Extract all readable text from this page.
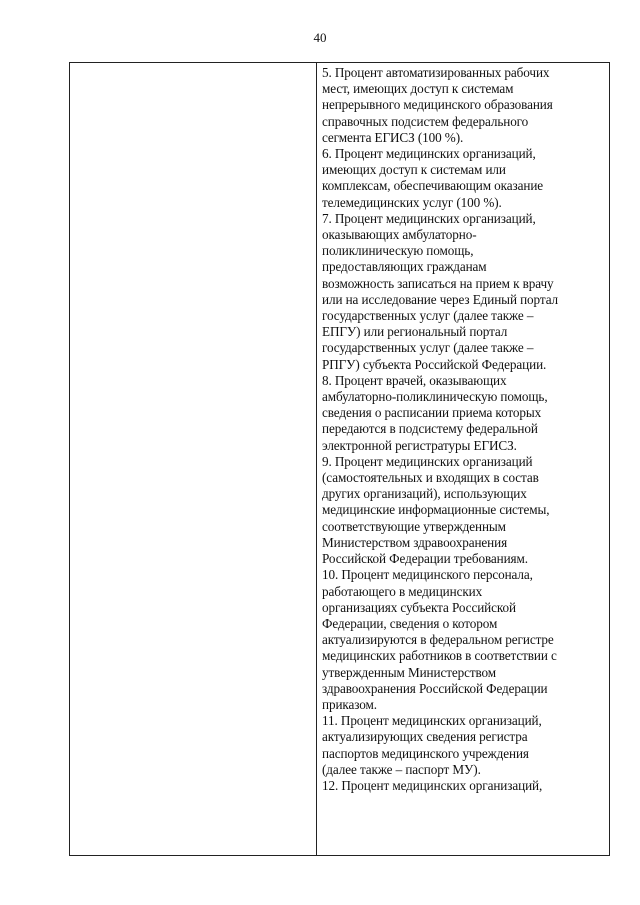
40
5. Процент автоматизированных рабочих
мест, имеющих доступ к системам
непрерывного медицинского образования
справочных подсистем федерального
сегмента ЕГИСЗ (100 %).
6. Процент медицинских организаций,
имеющих доступ к системам или
комплексам, обеспечивающим оказание
телемедицинских услуг (100 %).
7. Процент медицинских организаций,
оказывающих амбулаторно-
поликлиническую помощь,
предоставляющих гражданам
возможность записаться на прием к врачу
или на исследование через Единый портал
государственных услуг (далее также –
ЕПГУ) или региональный портал
государственных услуг (далее также –
РПГУ) субъекта Российской Федерации.
8. Процент врачей, оказывающих
амбулаторно-поликлиническую помощь,
сведения о расписании приема которых
передаются в подсистему федеральной
электронной регистратуры ЕГИСЗ.
9. Процент медицинских организаций
(самостоятельных и входящих в состав
других организаций), использующих
медицинские информационные системы,
соответствующие утвержденным
Министерством здравоохранения
Российской Федерации требованиям.
10. Процент медицинского персонала,
работающего в медицинских
организациях субъекта Российской
Федерации, сведения о котором
актуализируются в федеральном регистре
медицинских работников в соответствии с
утвержденным Министерством
здравоохранения Российской Федерации
приказом.
11. Процент медицинских организаций,
актуализирующих сведения регистра
паспортов медицинского учреждения
(далее также – паспорт МУ).
12. Процент медицинских организаций,
